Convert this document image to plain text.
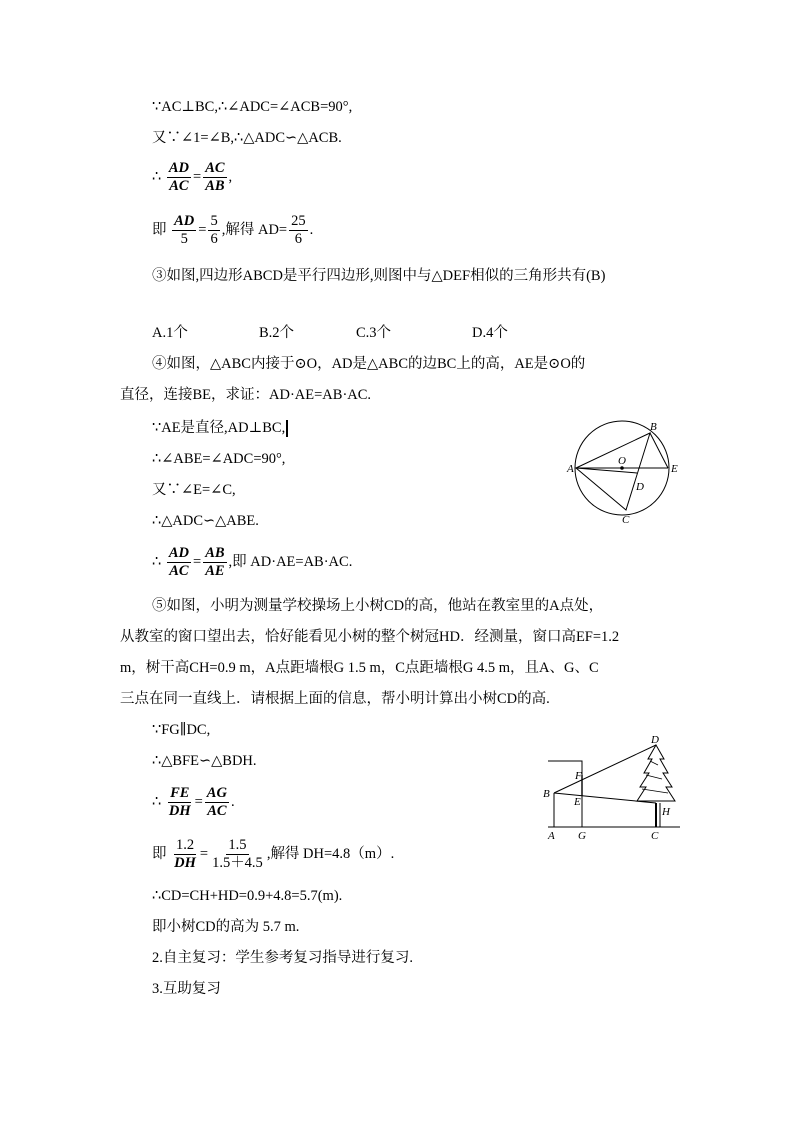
∵AC⊥BC,∴∠ADC=∠ACB=90°,
又∵∠1=∠B,∴△ADC∽△ACB.
∴ $\frac{AD}{AC} = \frac{AC}{AB}$ ,
即 $\frac{AD}{5} = \frac{5}{6}$ ,解得 $AD= \frac{25}{6}$ .
③如图,四边形ABCD是平行四边形,则图中与△DEF相似的三角形共有(B)
A.1个	B.2个	C.3个	D.4个
④如图，△ABC内接于⊙O，AD是△ABC的边BC上的高，AE是⊙O的
直径，连接BE，求证：AD·AE=AB·AC.
∵AE是直径,AD⊥BC,
∴∠ABE=∠ADC=90°,
又∵∠E=∠C,
∴△ADC∽△ABE.
∴ $\frac{AD}{AC} = \frac{AB}{AE}$ ,即 AD·AE=AB·AC.
A
B
C
D
E
O
⑤如图，小明为测量学校操场上小树CD的高，他站在教室里的A点处，
从教室的窗口望出去，恰好能看见小树的整个树冠HD．经测量，窗口高EF=1.2
m，树干高CH=0.9 m，A点距墙根G 1.5 m，C点距墙根G 4.5 m，且A、G、C
三点在同一直线上．请根据上面的信息，帮小明计算出小树CD的高.
∵FG∥DC,
∴△BFE∽△BDH.
∴ $\frac{FE}{DH} = \frac{AG}{AC}$ .
即 $\frac{1.2}{DH} = \frac{1.5}{1.5+4.5}$ ,解得 DH=4.8（m）.
∴CD=CH+HD=0.9+4.8=5.7(m).
即小树CD的高为 5.7 m.
2.自主复习：学生参考复习指导进行复习.
3.互助复习
A
B
C
D
E
F
G
H
